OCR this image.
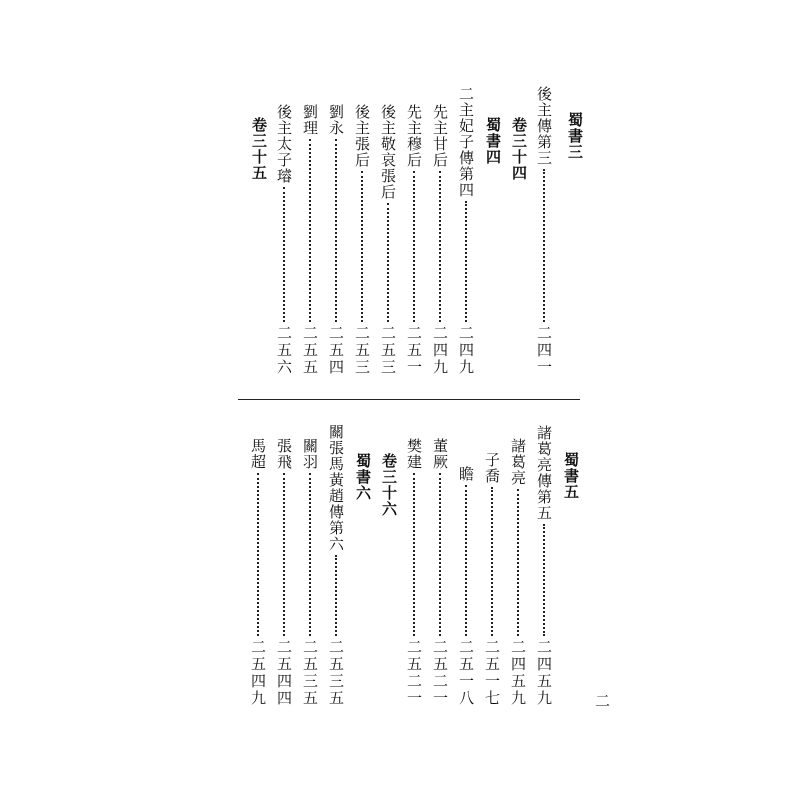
蜀書三
後主傳第三
二四一
卷三十四
蜀書四
二主妃子傳第四
二四九
先主甘后
二四九
先主穆后
二五一
後主敬哀張后
二五三
後主張后
二五三
劉永
二五四
劉理
二五五
後主太子璿
二五六
卷三十五
蜀書五
諸葛亮傳第五
二四五九
諸葛亮
二四五九
子喬
二五一七
瞻
二五一八
董厥
二五二一
樊建
二五二一
卷三十六
蜀書六
關張馬黃趙傳第六
二五三五
關羽
二五三五
張飛
二五四四
馬超
二五四九	二
